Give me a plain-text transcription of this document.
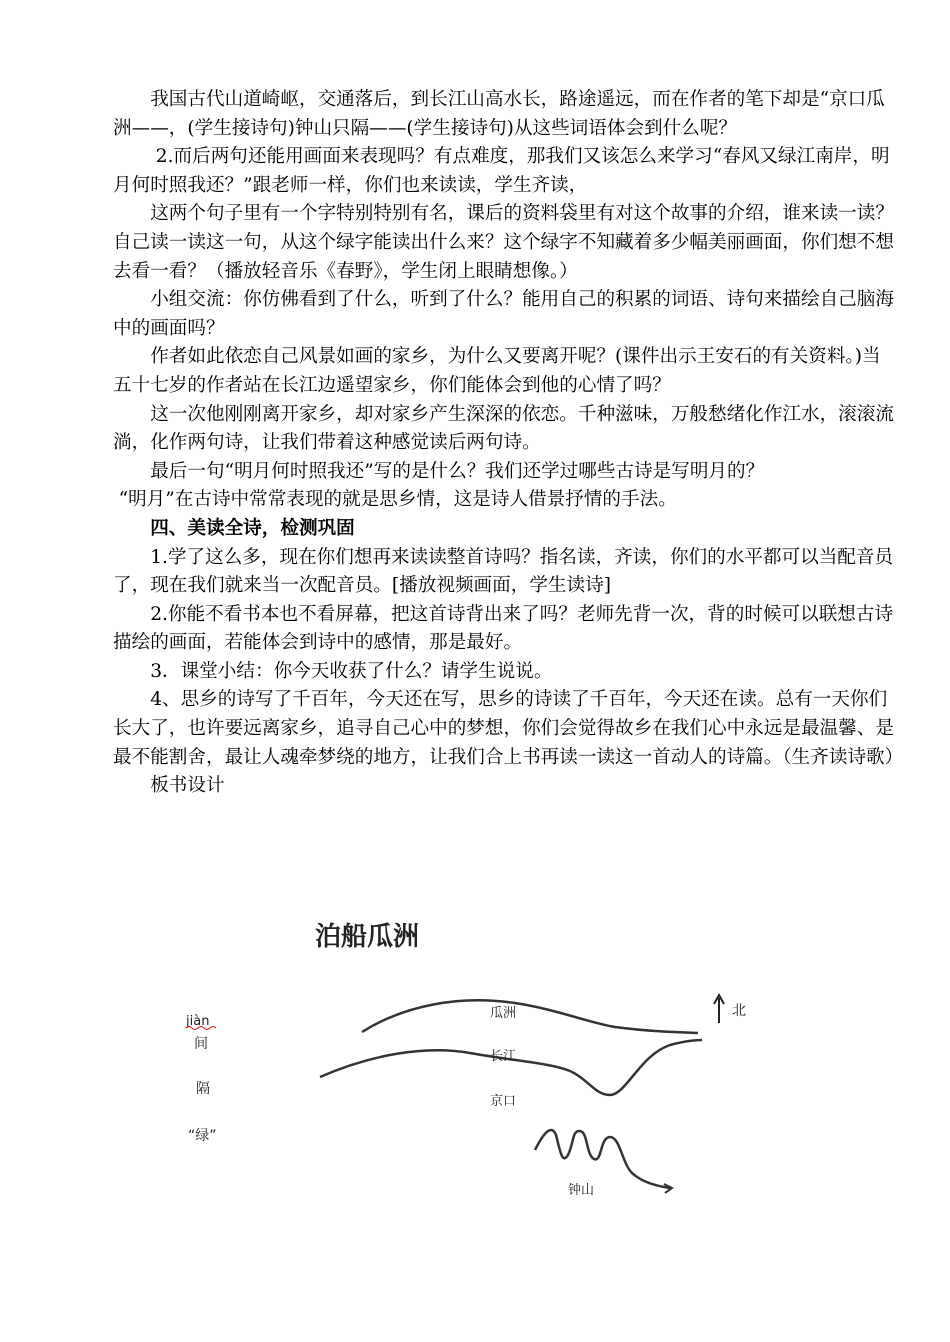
我国古代山道崎岖，交通落后，到长江山高水长，路途遥远，而在作者的笔下却是“京口瓜洲——，(学生接诗句)钟山只隔——(学生接诗句)从这些词语体会到什么呢？

2.而后两句还能用画面来表现吗？有点难度，那我们又该怎么来学习“春风又绿江南岸，明月何时照我还？”跟老师一样，你们也来读读，学生齐读，

这两个句子里有一个字特别特别有名，课后的资料袋里有对这个故事的介绍，谁来读一读？自己读一读这一句，从这个绿字能读出什么来？这个绿字不知藏着多少幅美丽画面，你们想不想去看一看？（播放轻音乐《春野》，学生闭上眼睛想像。）

小组交流：你仿佛看到了什么，听到了什么？能用自己的积累的词语、诗句来描绘自己脑海中的画面吗？

作者如此依恋自己风景如画的家乡，为什么又要离开呢？(课件出示王安石的有关资料。)当五十七岁的作者站在长江边遥望家乡，你们能体会到他的心情了吗？

这一次他刚刚离开家乡，却对家乡产生深深的依恋。千种滋味，万般愁绪化作江水，滚滚流淌，化作两句诗，让我们带着这种感觉读后两句诗。

最后一句“明月何时照我还”写的是什么？我们还学过哪些古诗是写明月的？

“明月”在古诗中常常表现的就是思乡情，这是诗人借景抒情的手法。

四、美读全诗，检测巩固

1.学了这么多，现在你们想再来读读整首诗吗？指名读，齐读，你们的水平都可以当配音员了，现在我们就来当一次配音员。[播放视频画面，学生读诗]

2.你能不看书本也不看屏幕，把这首诗背出来了吗？老师先背一次，背的时候可以联想古诗描绘的画面，若能体会到诗中的感情，那是最好。

3．课堂小结：你今天收获了什么？请学生说说。

4、思乡的诗写了千百年，今天还在写，思乡的诗读了千百年，今天还在读。总有一天你们长大了，也许要远离家乡，追寻自己心中的梦想，你们会觉得故乡在我们心中永远是最温馨、是最不能割舍，最让人魂牵梦绕的地方，让我们合上书再读一读这一首动人的诗篇。（生齐读诗歌）

板书设计

泊船瓜洲
jiàn
间
隔
“绿”
瓜洲
长江
京口
钟山
北
